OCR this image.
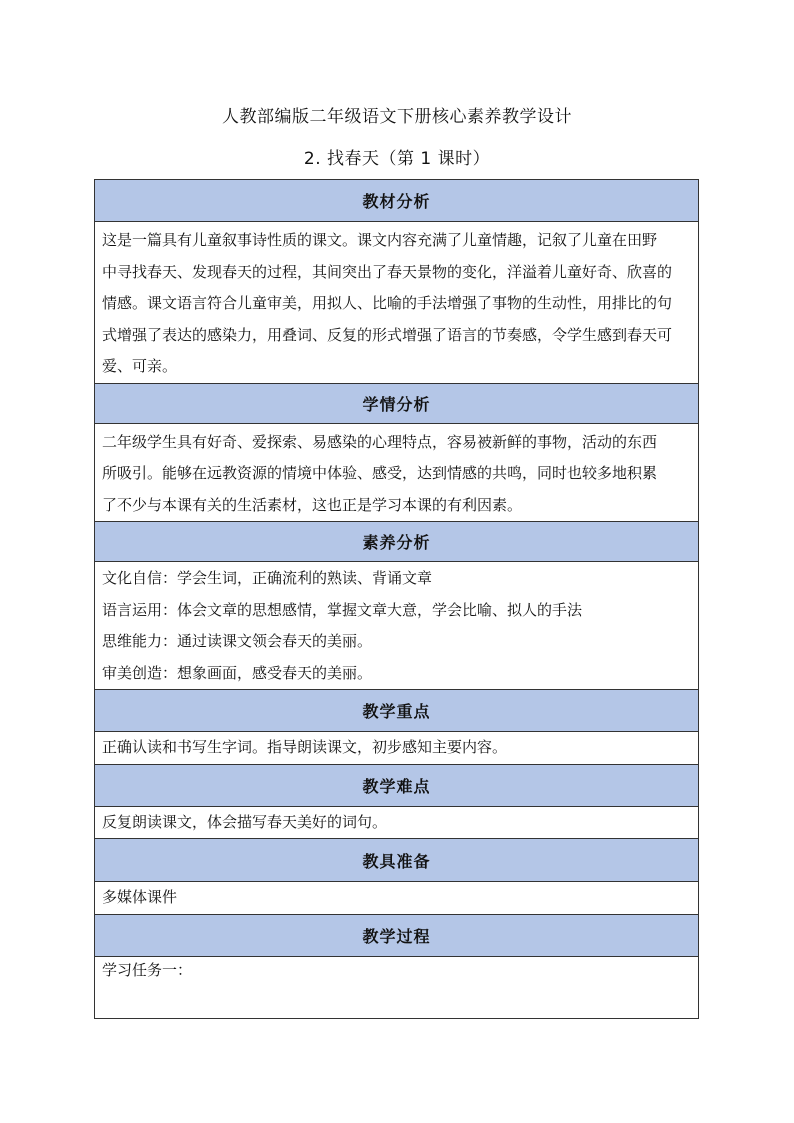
人教部编版二年级语文下册核心素养教学设计
2. 找春天（第 1 课时）
教材分析

这是一篇具有儿童叙事诗性质的课文。课文内容充满了儿童情趣，记叙了儿童在田野
中寻找春天、发现春天的过程，其间突出了春天景物的变化，洋溢着儿童好奇、欣喜的
情感。课文语言符合儿童审美，用拟人、比喻的手法增强了事物的生动性，用排比的句
式增强了表达的感染力，用叠词、反复的形式增强了语言的节奏感，令学生感到春天可
爱、可亲。

学情分析

二年级学生具有好奇、爱探索、易感染的心理特点，容易被新鲜的事物，活动的东西
所吸引。能够在远教资源的情境中体验、感受，达到情感的共鸣，同时也较多地积累
了不少与本课有关的生活素材，这也正是学习本课的有利因素。

素养分析

文化自信：学会生词，正确流利的熟读、背诵文章
语言运用：体会文章的思想感情，掌握文章大意，学会比喻、拟人的手法
思维能力：通过读课文领会春天的美丽。
审美创造：想象画面，感受春天的美丽。

教学重点

正确认读和书写生字词。指导朗读课文，初步感知主要内容。

教学难点

反复朗读课文，体会描写春天美好的词句。

教具准备

多媒体课件

教学过程

学习任务一：
